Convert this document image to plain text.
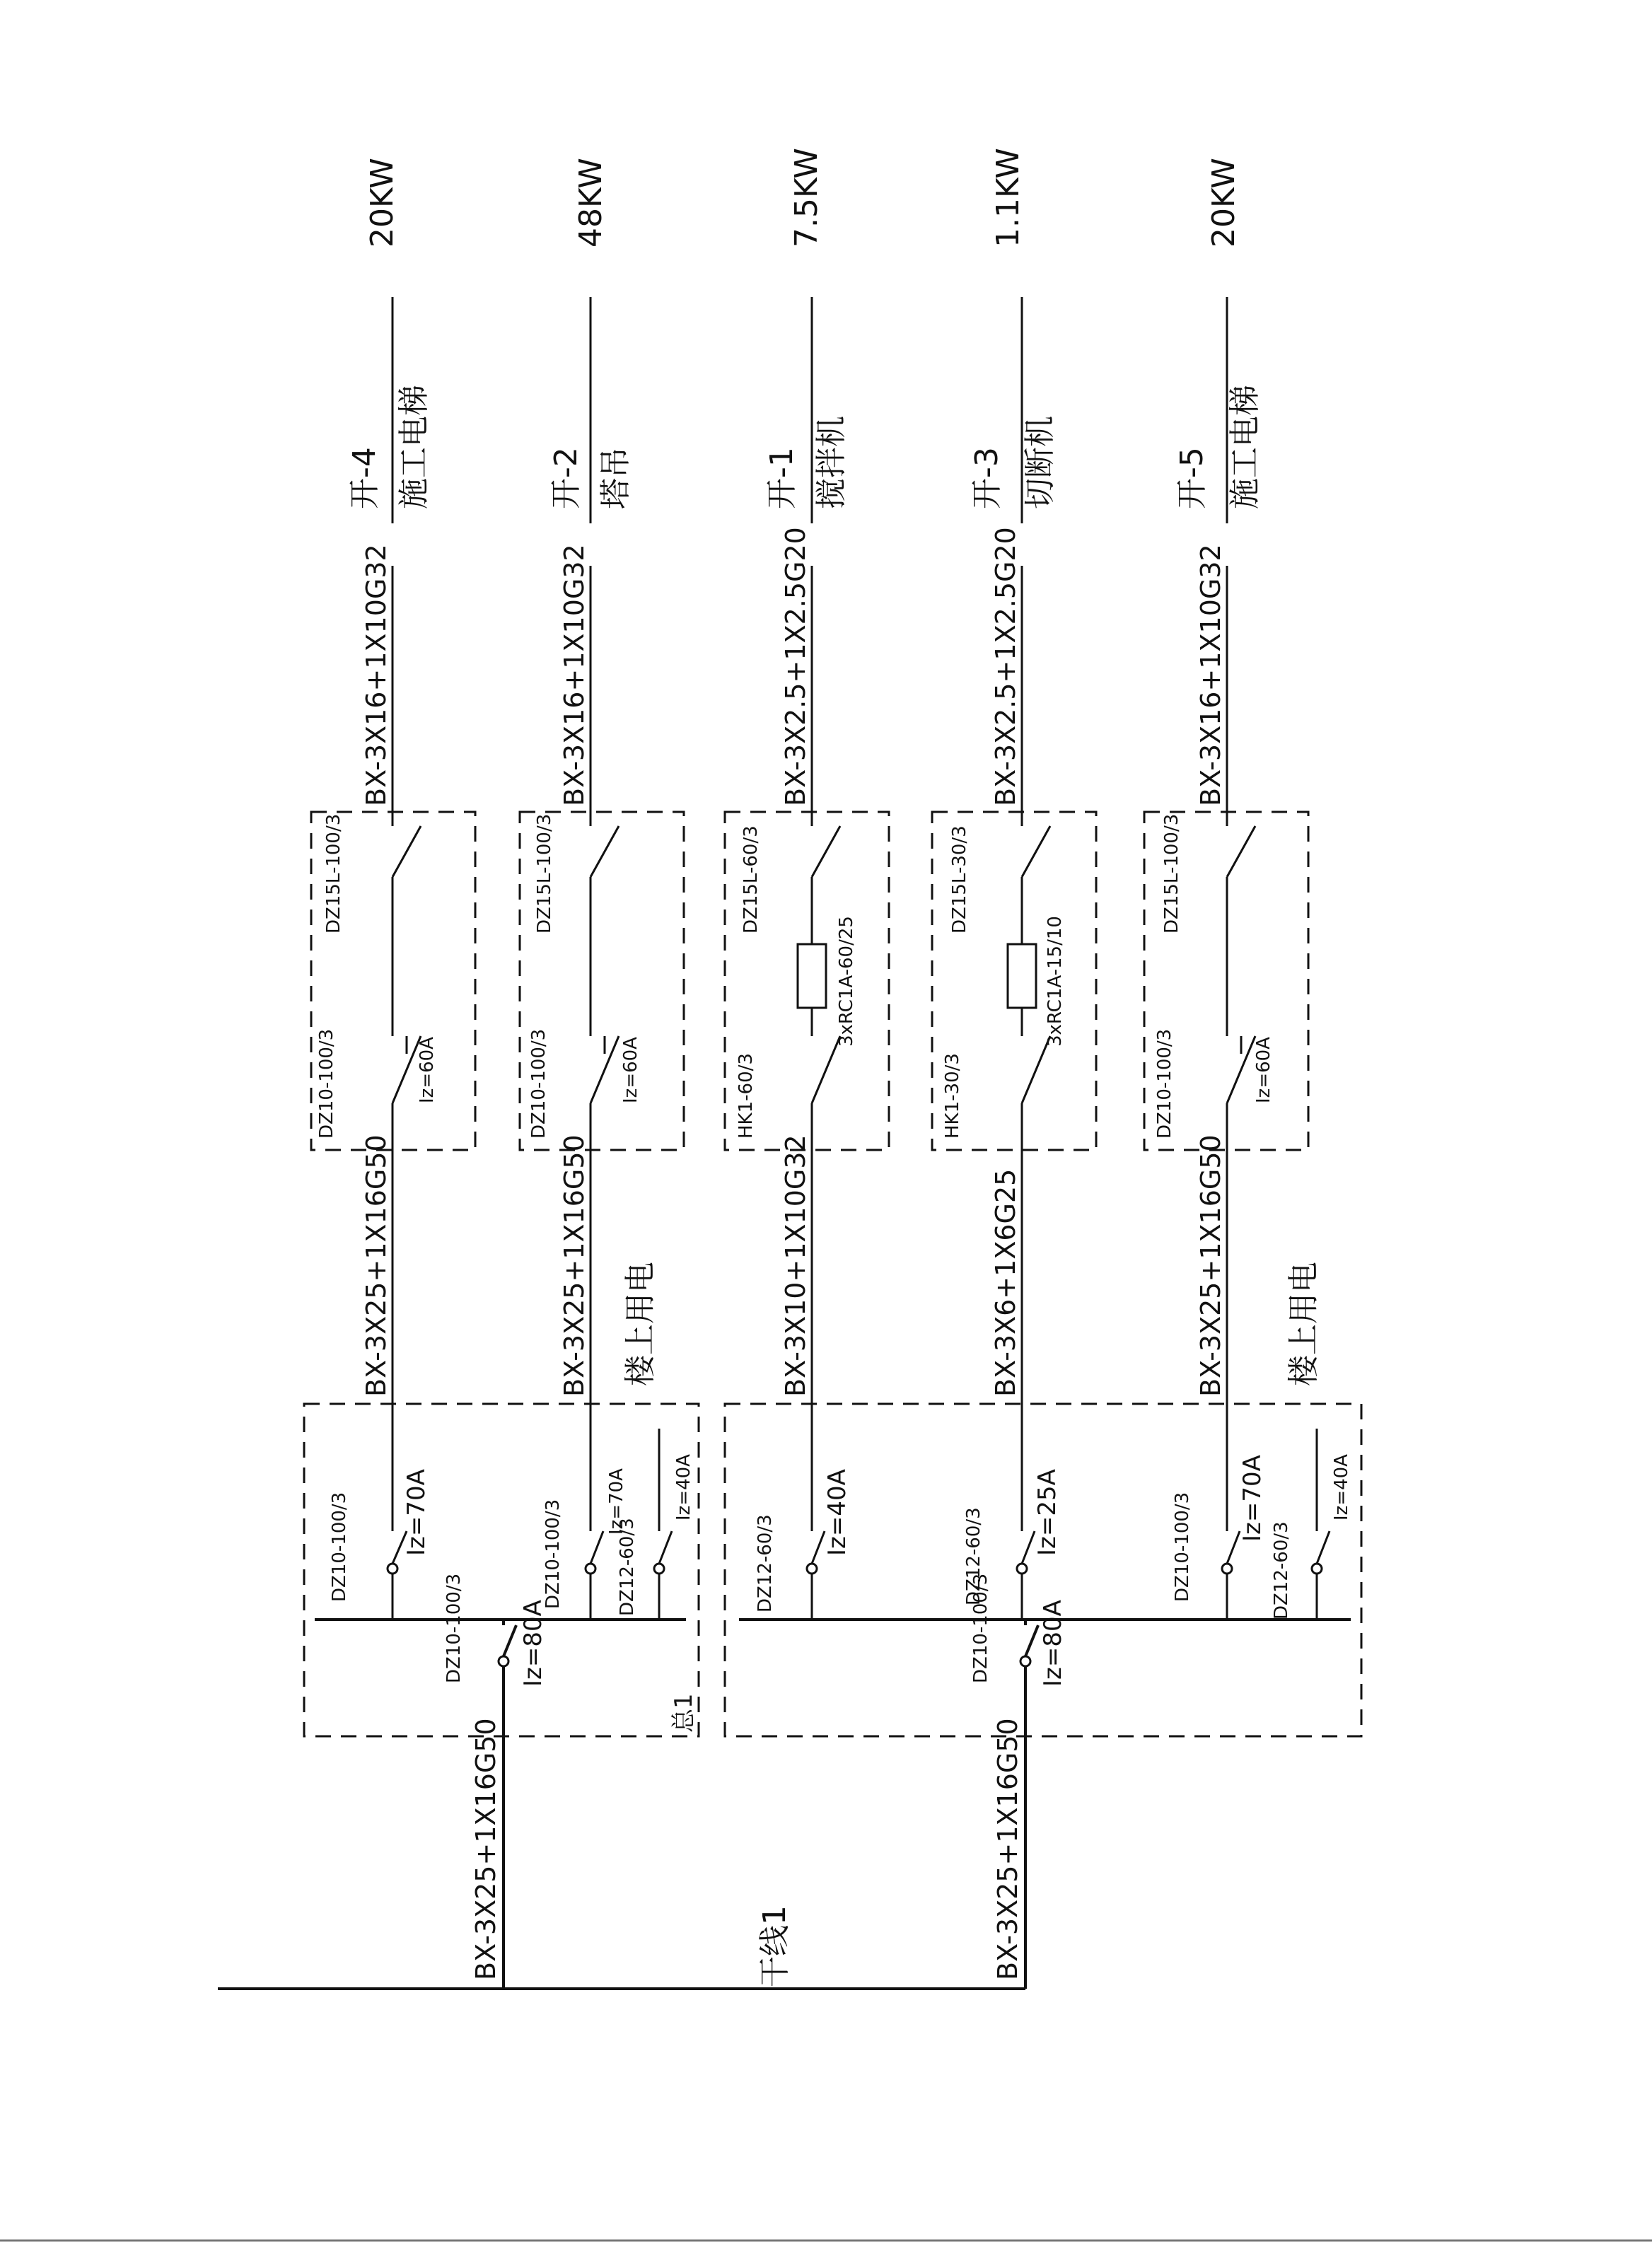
干线1
BX-3X25+1X16G50	BX-3X25+1X16G50
总1
DZ10-100/3 Iz=80A
DZ10-100/3 Iz=70A	DZ10-100/3 Iz=70A
DZ12-60/3
Iz=40A
BX-3X25+1X16G50	BX-3X25+1X16G50 楼上用电
DZ10-100/3 Iz=80A
DZ12-60/3
Iz=40A	DZ12-60/3 Iz=25A	DZ10-100/3 Iz=70A
DZ12-60/3
Iz=40A
BX-3X10+1X10G32	BX-3X6+1X6G25	BX-3X25+1X16G50 楼上用电
DZ10-100/3	Iz=60A
DZ15L-100/3
BX-3X16+1X10G32
开-4 施工电梯
20KW
DZ10-100/3	Iz=60A
DZ15L-100/3
BX-3X16+1X10G32
开-2 塔吊
48KW
HK1-60/3
3xRC1A-60/25
DZ15L-60/3
BX-3X2.5+1X2.5G20
开-1 搅拌机
7.5KW
HK1-30/3
3xRC1A-15/10
DZ15L-30/3
BX-3X2.5+1X2.5G20
开-3 切断机
1.1KW
DZ10-100/3	Iz=60A
DZ15L-100/3
BX-3X16+1X10G32
开-5 施工电梯
20KW
